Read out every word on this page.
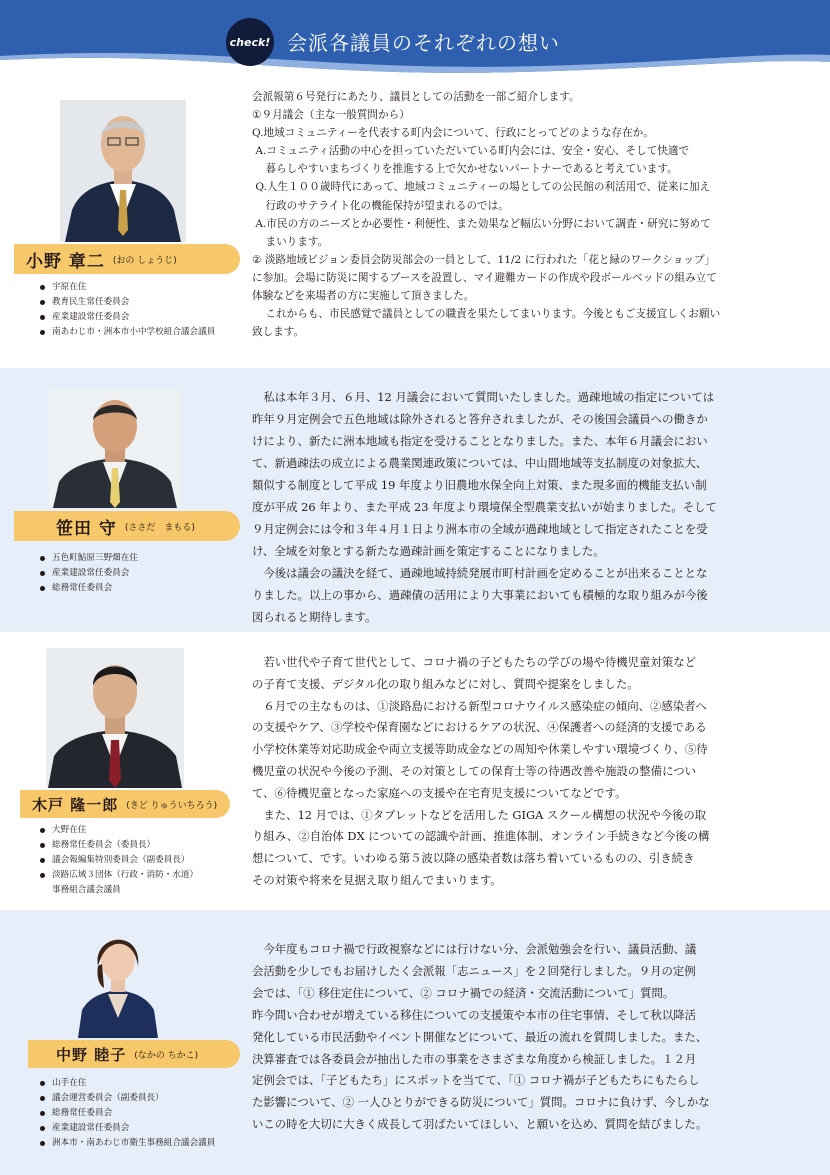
check! 会派各議員のそれぞれの想い
小野 章二 (おの しょうじ)
宇原在住
教育民生常任委員会
産業建設常任委員会
南あわじ市・洲本市小中学校組合議会議員
会派報第６号発行にあたり、議員としての活動を一部ご紹介します。
①９月議会（主な一般質問から）
Q.地域コミュニティーを代表する町内会について、行政にとってどのような存在か。
A.コミュニティ活動の中心を担っていただいている町内会には、安全・安心、そして快適で
暮らしやすいまちづくりを推進する上で欠かせないパートナーであると考えています。
Q.人生１００歳時代にあって、地域コミュニティーの場としての公民館の利活用で、従来に加え
行政のサテライト化の機能保持が望まれるのでは。
A.市民の方のニーズとか必要性・利便性、また効果など幅広い分野において調査・研究に努めて
まいります。
② 淡路地域ビジョン委員会防災部会の一員として、11/2 に行われた「花と緑のワークショップ」
に参加。会場に防災に関するブースを設置し、マイ避難カードの作成や段ボールベッドの組み立て
体験などを来場者の方に実施して頂きました。
これからも、市民感覚で議員としての職責を果たしてまいります。今後ともご支援宜しくお願い
致します。
笹田 守 (ささだ　まもる)
五色町鮎原三野畑在住
産業建設常任委員会
総務常任委員会
　私は本年３月、６月、12 月議会において質問いたしました。過疎地域の指定については
昨年９月定例会で五色地域は除外されると答弁されましたが、その後国会議員への働きか
けにより、新たに洲本地域も指定を受けることとなりました。また、本年６月議会におい
て、新過疎法の成立による農業関連政策については、中山間地域等支払制度の対象拡大、
類似する制度として平成 19 年度より旧農地水保全向上対策、また現多面的機能支払い制
度が平成 26 年より、また平成 23 年度より環境保全型農業支払いが始まりました。そして
９月定例会には令和３年４月１日より洲本市の全域が過疎地域として指定されたことを受
け、全域を対象とする新たな過疎計画を策定することになりました。
　今後は議会の議決を経て、過疎地域持続発展市町村計画を定めることが出来ることとな
りました。以上の事から、過疎債の活用により大事業においても積極的な取り組みが今後
図られると期待します。
木戸 隆一郎 (きど りゅういちろう)
大野在住
総務常任委員会（委員長）
議会報編集特別委員会（副委員長）
淡路広域３団体（行政・消防・水道）
事務組合議会議員
　若い世代や子育て世代として、コロナ禍の子どもたちの学びの場や待機児童対策など
の子育て支援、デジタル化の取り組みなどに対し、質問や提案をしました。
　６月での主なものは、①淡路島における新型コロナウイルス感染症の傾向、②感染者へ
の支援やケア、③学校や保育園などにおけるケアの状況、④保護者への経済的支援である
小学校休業等対応助成金や両立支援等助成金などの周知や休業しやすい環境づくり、⑤待
機児童の状況や今後の予測、その対策としての保育士等の待遇改善や施設の整備につい
て、⑥待機児童となった家庭への支援や在宅育児支援についてなどです。
　また、12 月では、①タブレットなどを活用した GIGA スクール構想の状況や今後の取
り組み、②自治体 DX についての認識や計画、推進体制、オンライン手続きなど今後の構
想について、です。いわゆる第５波以降の感染者数は落ち着いているものの、引き続き
その対策や将来を見据え取り組んでまいります。
中野 睦子 (なかの ちかこ)
山手在住
議会運営委員会（副委員長）
総務常任委員会
産業建設常任委員会
洲本市・南あわじ市衛生事務組合議会議員
　今年度もコロナ禍で行政視察などには行けない分、会派勉強会を行い、議員活動、議
会活動を少しでもお届けしたく会派報「志ニュース」を２回発行しました。９月の定例
会では、「① 移住定住について、② コロナ禍での経済・交流活動について」質問。
昨今問い合わせが増えている移住についての支援策や本市の住宅事情、そして秋以降活
発化している市民活動やイベント開催などについて、最近の流れを質問しました。また、
決算審査では各委員会が抽出した市の事業をさまざまな角度から検証しました。１２月
定例会では、「子どもたち」にスポットを当てて、「① コロナ禍が子どもたちにもたらし
た影響について、② 一人ひとりができる防災について」質問。コロナに負けず、今しかな
いこの時を大切に大きく成長して羽ばたいてほしい、と願いを込め、質問を結びました。
